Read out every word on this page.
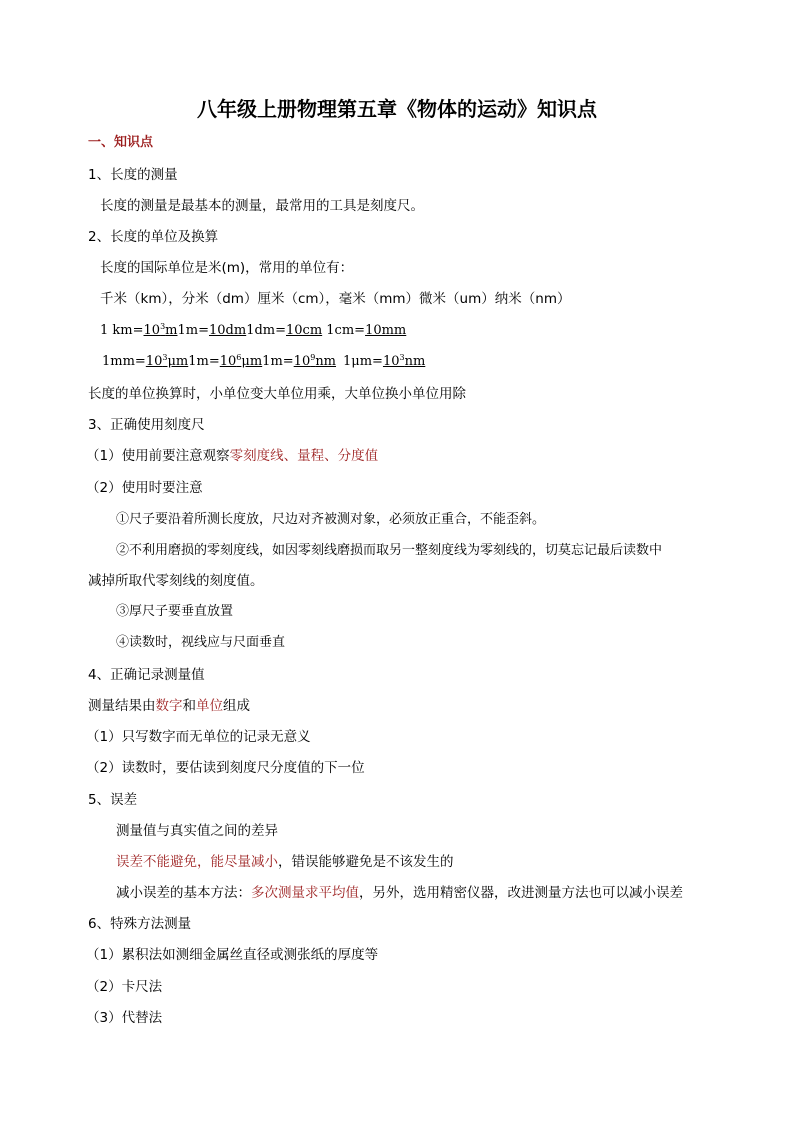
八年级上册物理第五章《物体的运动》知识点
一、知识点
1、长度的测量
长度的测量是最基本的测量，最常用的工具是刻度尺。
2、长度的单位及换算
长度的国际单位是米(m)，常用的单位有：
千米（km），分米（dm）厘米（cm），毫米（mm）微米（um）纳米（nm）
1 $km=10^3m1m=10dm1dm=10cm$ 1cm=10mm
$1mm=10^3\mu m1m=10^6\mu m1m=10^9nm$ $1\mu m=10^3nm$
长度的单位换算时，小单位变大单位用乘，大单位换小单位用除
3、正确使用刻度尺
（1）使用前要注意观察零刻度线、量程、分度值
（2）使用时要注意
①尺子要沿着所测长度放，尺边对齐被测对象，必须放正重合，不能歪斜。
②不利用磨损的零刻度线，如因零刻线磨损而取另一整刻度线为零刻线的，切莫忘记最后读数中
减掉所取代零刻线的刻度值。
③厚尺子要垂直放置
④读数时，视线应与尺面垂直
4、正确记录测量值
测量结果由数字和单位组成
（1）只写数字而无单位的记录无意义
（2）读数时，要估读到刻度尺分度值的下一位
5、误差
测量值与真实值之间的差异
误差不能避免，能尽量减小，错误能够避免是不该发生的
减小误差的基本方法：多次测量求平均值，另外，选用精密仪器，改进测量方法也可以减小误差
6、特殊方法测量
（1）累积法如测细金属丝直径或测张纸的厚度等
（2）卡尺法
（3）代替法
